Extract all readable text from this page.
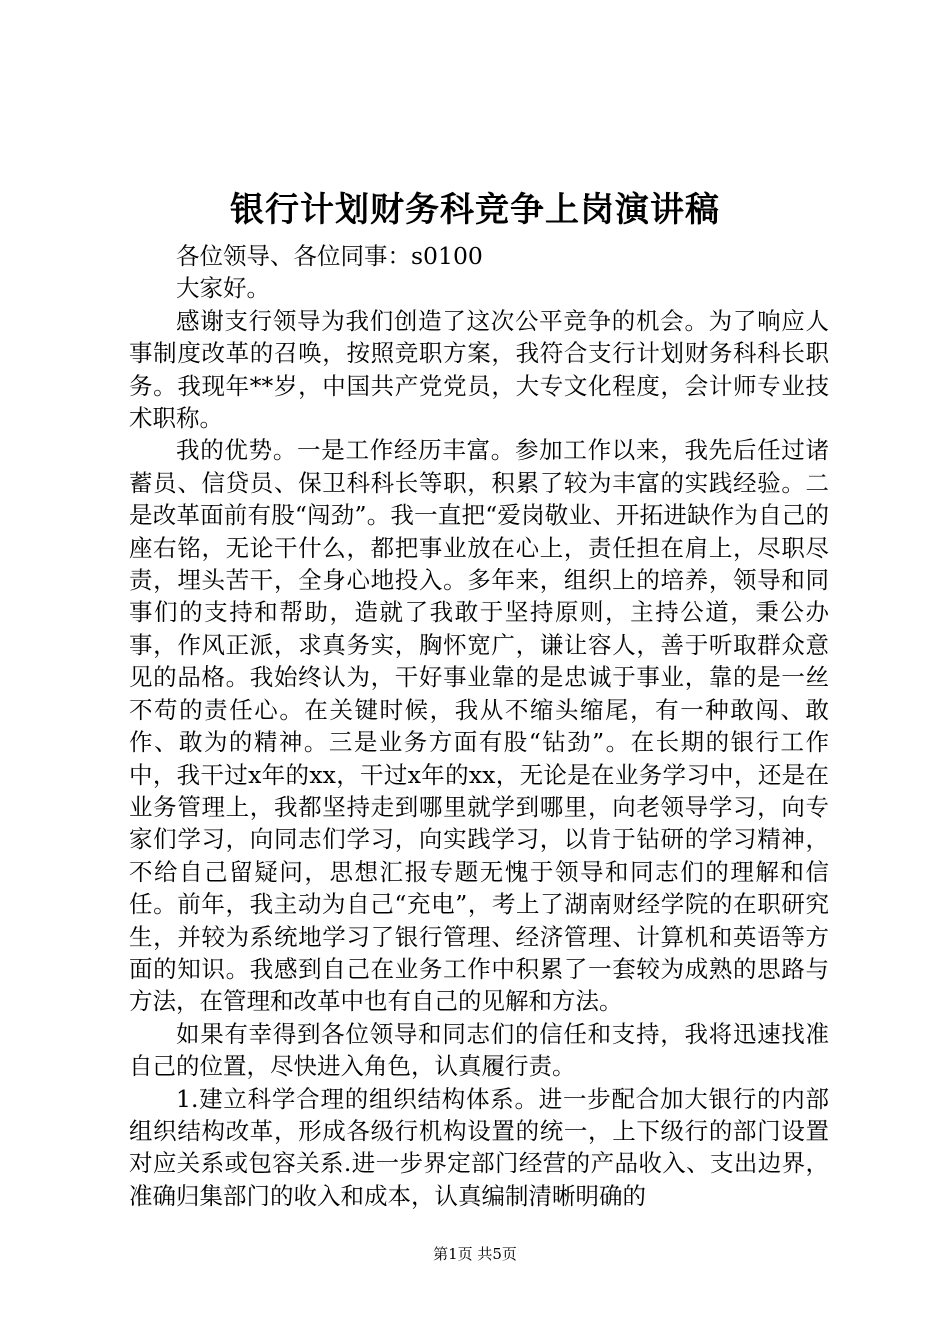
银行计划财务科竞争上岗演讲稿

各位领导、各位同事：s0100

大家好。

感谢支行领导为我们创造了这次公平竞争的机会。为了响应人事制度改革的召唤，按照竞职方案，我符合支行计划财务科科长职务。我现年**岁，中国共产党党员，大专文化程度，会计师专业技术职称。

我的优势。一是工作经历丰富。参加工作以来，我先后任过诸蓄员、信贷员、保卫科科长等职，积累了较为丰富的实践经验。二是改革面前有股“闯劲”。我一直把“爱岗敬业、开拓进缺作为自己的座右铭，无论干什么，都把事业放在心上，责任担在肩上，尽职尽责，埋头苦干，全身心地投入。多年来，组织上的培养，领导和同事们的支持和帮助，造就了我敢于坚持原则，主持公道，秉公办事，作风正派，求真务实，胸怀宽广，谦让容人，善于听取群众意见的品格。我始终认为，干好事业靠的是忠诚于事业，靠的是一丝不苟的责任心。在关键时候，我从不缩头缩尾，有一种敢闯、敢作、敢为的精神。三是业务方面有股“钻劲”。在长期的银行工作中，我干过x年的xx，干过x年的xx，无论是在业务学习中，还是在业务管理上，我都坚持走到哪里就学到哪里，向老领导学习，向专家们学习，向同志们学习，向实践学习，以肯于钻研的学习精神，不给自己留疑问，思想汇报专题无愧于领导和同志们的理解和信任。前年，我主动为自己“充电”，考上了湖南财经学院的在职研究生，并较为系统地学习了银行管理、经济管理、计算机和英语等方面的知识。我感到自己在业务工作中积累了一套较为成熟的思路与方法，在管理和改革中也有自己的见解和方法。

如果有幸得到各位领导和同志们的信任和支持，我将迅速找准自己的位置，尽快进入角色，认真履行责。

1.建立科学合理的组织结构体系。进一步配合加大银行的内部组织结构改革，形成各级行机构设置的统一，上下级行的部门设置对应关系或包容关系.进一步界定部门经营的产品收入、支出边界，准确归集部门的收入和成本，认真编制清晰明确的

第1页 共5页
